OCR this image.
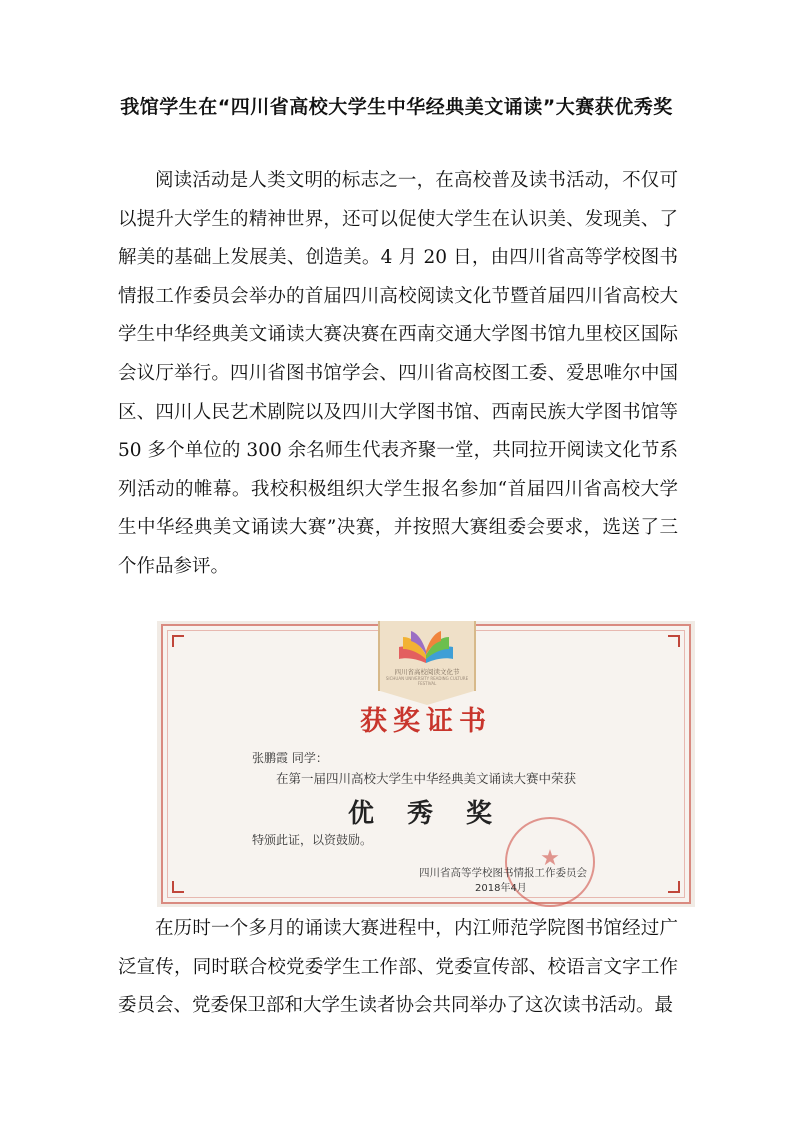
我馆学生在“四川省高校大学生中华经典美文诵读”大赛获优秀奖

阅读活动是人类文明的标志之一，在高校普及读书活动，不仅可以提升大学生的精神世界，还可以促使大学生在认识美、发现美、了解美的基础上发展美、创造美。4 月 20 日，由四川省高等学校图书情报工作委员会举办的首届四川高校阅读文化节暨首届四川省高校大学生中华经典美文诵读大赛决赛在西南交通大学图书馆九里校区国际会议厅举行。四川省图书馆学会、四川省高校图工委、爱思唯尔中国区、四川人民艺术剧院以及四川大学图书馆、西南民族大学图书馆等 50 多个单位的 300 余名师生代表齐聚一堂，共同拉开阅读文化节系列活动的帷幕。我校积极组织大学生报名参加“首届四川省高校大学生中华经典美文诵读大赛”决赛，并按照大赛组委会要求，选送了三个作品参评。

四川省高校阅读文化节
SICHUAN UNIVERSITY READING CULTURE FESTIVAL
获奖证书
张鹏霞 同学：
在第一届四川高校大学生中华经典美文诵读大赛中荣获
优 秀 奖
特颁此证，以资鼓励。
★
四川省高等学校图书情报工作委员会
2018年4月

在历时一个多月的诵读大赛进程中，内江师范学院图书馆经过广泛宣传，同时联合校党委学生工作部、党委宣传部、校语言文字工作委员会、党委保卫部和大学生读者协会共同举办了这次读书活动。最
